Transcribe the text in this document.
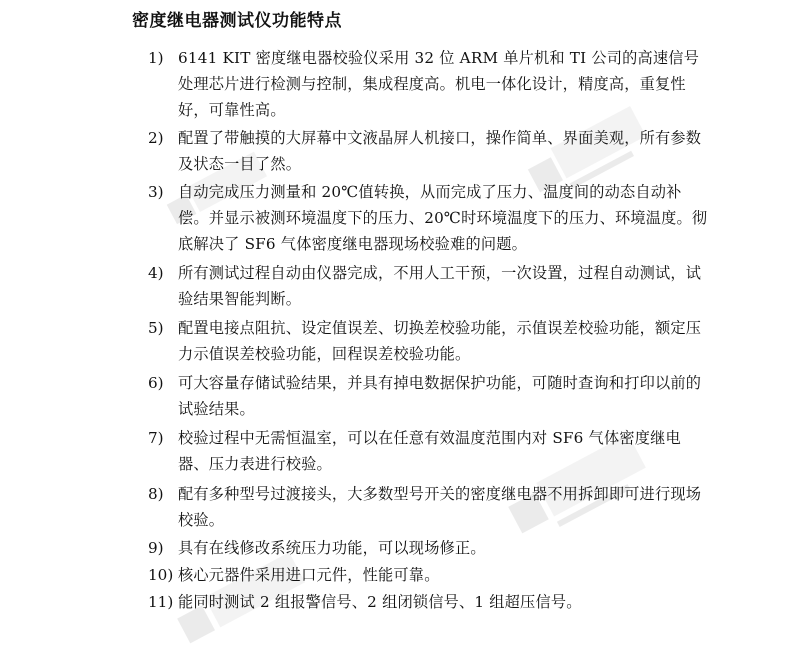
密度继电器测试仪功能特点
1) 6141 KIT 密度继电器校验仪采用 32 位 ARM 单片机和 TI 公司的高速信号处理芯片进行检测与控制，集成程度高。机电一体化设计，精度高，重复性好，可靠性高。
2) 配置了带触摸的大屏幕中文液晶屏人机接口，操作简单、界面美观，所有参数及状态一目了然。
3) 自动完成压力测量和 20℃值转换，从而完成了压力、温度间的动态自动补偿。并显示被测环境温度下的压力、20℃时环境温度下的压力、环境温度。彻底解决了 SF6 气体密度继电器现场校验难的问题。
4) 所有测试过程自动由仪器完成，不用人工干预，一次设置，过程自动测试，试验结果智能判断。
5) 配置电接点阻抗、设定值误差、切换差校验功能，示值误差校验功能，额定压力示值误差校验功能，回程误差校验功能。
6) 可大容量存储试验结果，并具有掉电数据保护功能，可随时查询和打印以前的试验结果。
7) 校验过程中无需恒温室，可以在任意有效温度范围内对 SF6 气体密度继电器、压力表进行校验。
8) 配有多种型号过渡接头，大多数型号开关的密度继电器不用拆卸即可进行现场校验。
9) 具有在线修改系统压力功能，可以现场修正。
10) 核心元器件采用进口元件，性能可靠。
11) 能同时测试 2 组报警信号、2 组闭锁信号、1 组超压信号。
